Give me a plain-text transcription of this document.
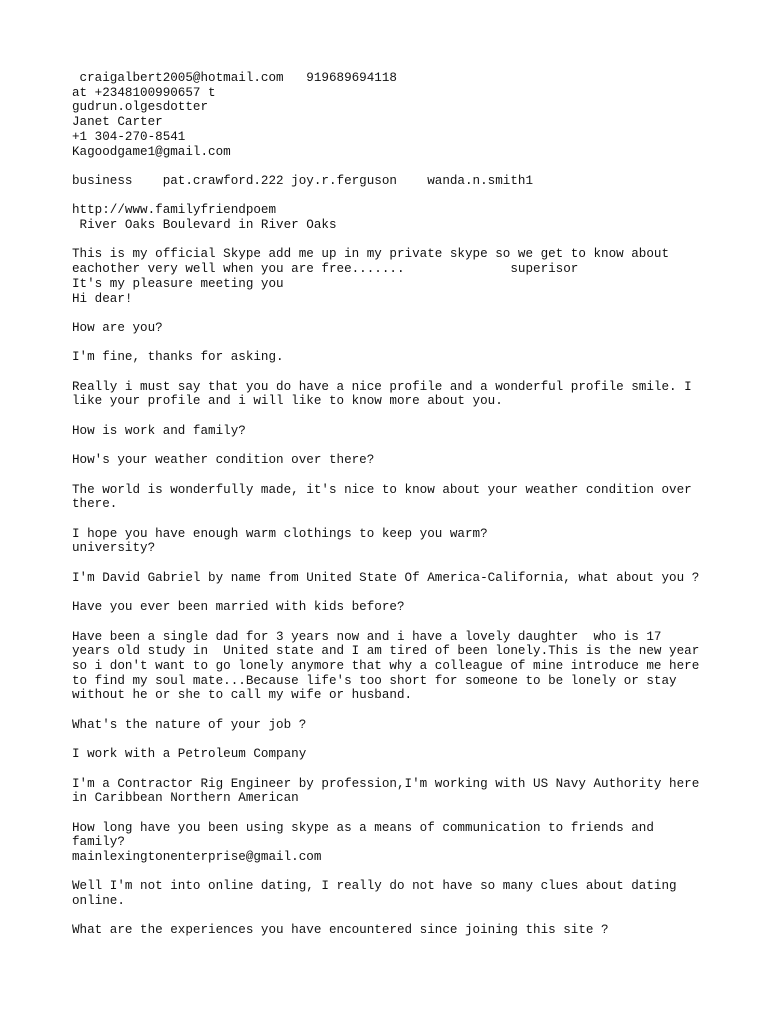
craigalbert2005@hotmail.com   919689694118
at +2348100990657 t
gudrun.olgesdotter
Janet Carter
+1 304-270-8541
Kagoodgame1@gmail.com
business    pat.crawford.222 joy.r.ferguson    wanda.n.smith1
http://www.familyfriendpoem
River Oaks Boulevard in River Oaks
This is my official Skype add me up in my private skype so we get to know about
eachother very well when you are free.......              superisor
It's my pleasure meeting you
Hi dear!
How are you?
I'm fine, thanks for asking.
Really i must say that you do have a nice profile and a wonderful profile smile. I
like your profile and i will like to know more about you.
How is work and family?
How's your weather condition over there?
The world is wonderfully made, it's nice to know about your weather condition over
there.
I hope you have enough warm clothings to keep you warm?
university?
I'm David Gabriel by name from United State Of America-California, what about you ?
Have you ever been married with kids before?
Have been a single dad for 3 years now and i have a lovely daughter  who is 17
years old study in  United state and I am tired of been lonely.This is the new year
so i don't want to go lonely anymore that why a colleague of mine introduce me here
to find my soul mate...Because life's too short for someone to be lonely or stay
without he or she to call my wife or husband.
What's the nature of your job ?
I work with a Petroleum Company
I'm a Contractor Rig Engineer by profession,I'm working with US Navy Authority here
in Caribbean Northern American
How long have you been using skype as a means of communication to friends and
family?
mainlexingtonenterprise@gmail.com
Well I'm not into online dating, I really do not have so many clues about dating
online.
What are the experiences you have encountered since joining this site ?
